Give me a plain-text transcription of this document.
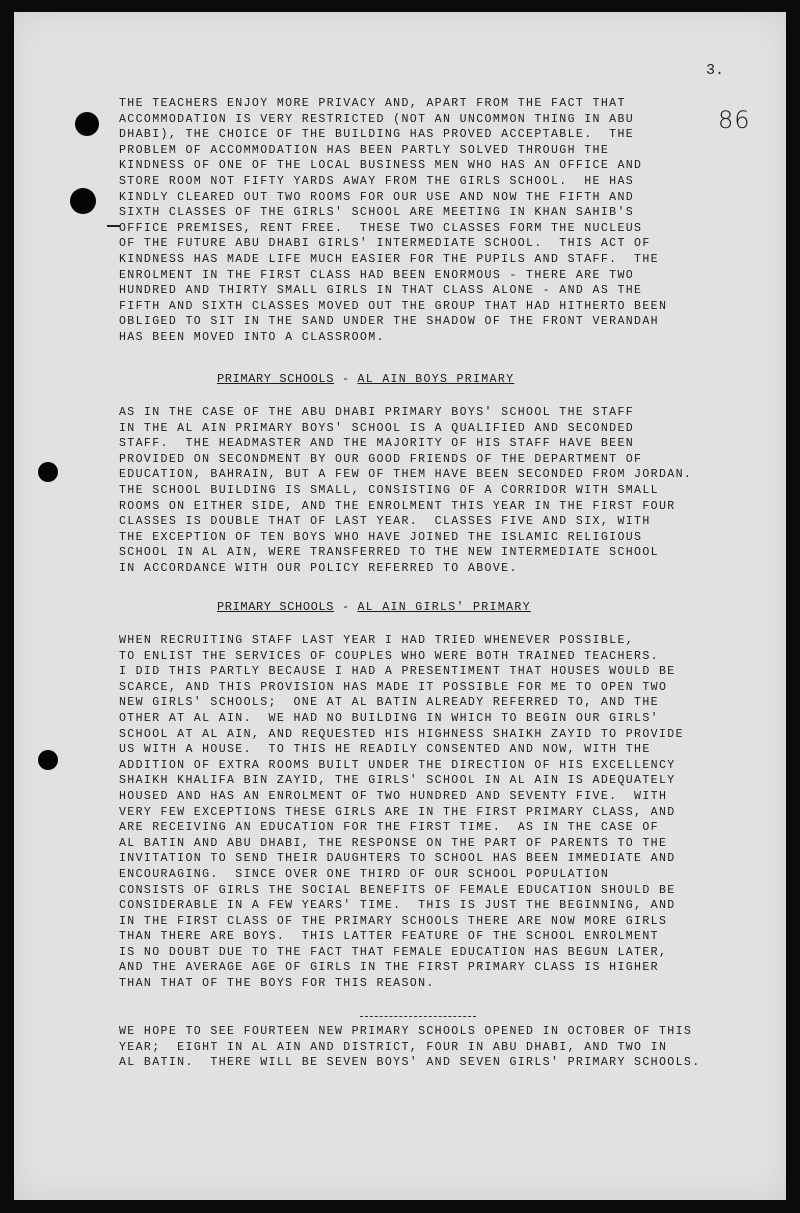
3.
86

THE TEACHERS ENJOY MORE PRIVACY AND, APART FROM THE FACT THAT
ACCOMMODATION IS VERY RESTRICTED (NOT AN UNCOMMON THING IN ABU
DHABI), THE CHOICE OF THE BUILDING HAS PROVED ACCEPTABLE.  THE
PROBLEM OF ACCOMMODATION HAS BEEN PARTLY SOLVED THROUGH THE
KINDNESS OF ONE OF THE LOCAL BUSINESS MEN WHO HAS AN OFFICE AND
STORE ROOM NOT FIFTY YARDS AWAY FROM THE GIRLS SCHOOL.  HE HAS
KINDLY CLEARED OUT TWO ROOMS FOR OUR USE AND NOW THE FIFTH AND
SIXTH CLASSES OF THE GIRLS' SCHOOL ARE MEETING IN KHAN SAHIB'S
OFFICE PREMISES, RENT FREE.  THESE TWO CLASSES FORM THE NUCLEUS
OF THE FUTURE ABU DHABI GIRLS' INTERMEDIATE SCHOOL.  THIS ACT OF
KINDNESS HAS MADE LIFE MUCH EASIER FOR THE PUPILS AND STAFF.  THE
ENROLMENT IN THE FIRST CLASS HAD BEEN ENORMOUS - THERE ARE TWO
HUNDRED AND THIRTY SMALL GIRLS IN THAT CLASS ALONE - AND AS THE
FIFTH AND SIXTH CLASSES MOVED OUT THE GROUP THAT HAD HITHERTO BEEN
OBLIGED TO SIT IN THE SAND UNDER THE SHADOW OF THE FRONT VERANDAH
HAS BEEN MOVED INTO A CLASSROOM.

PRIMARY SCHOOLS - AL AIN BOYS PRIMARY

AS IN THE CASE OF THE ABU DHABI PRIMARY BOYS' SCHOOL THE STAFF
IN THE AL AIN PRIMARY BOYS' SCHOOL IS A QUALIFIED AND SECONDED
STAFF.  THE HEADMASTER AND THE MAJORITY OF HIS STAFF HAVE BEEN
PROVIDED ON SECONDMENT BY OUR GOOD FRIENDS OF THE DEPARTMENT OF
EDUCATION, BAHRAIN, BUT A FEW OF THEM HAVE BEEN SECONDED FROM JORDAN.
THE SCHOOL BUILDING IS SMALL, CONSISTING OF A CORRIDOR WITH SMALL
ROOMS ON EITHER SIDE, AND THE ENROLMENT THIS YEAR IN THE FIRST FOUR
CLASSES IS DOUBLE THAT OF LAST YEAR.  CLASSES FIVE AND SIX, WITH
THE EXCEPTION OF TEN BOYS WHO HAVE JOINED THE ISLAMIC RELIGIOUS
SCHOOL IN AL AIN, WERE TRANSFERRED TO THE NEW INTERMEDIATE SCHOOL
IN ACCORDANCE WITH OUR POLICY REFERRED TO ABOVE.

PRIMARY SCHOOLS - AL AIN GIRLS' PRIMARY

WHEN RECRUITING STAFF LAST YEAR I HAD TRIED WHENEVER POSSIBLE,
TO ENLIST THE SERVICES OF COUPLES WHO WERE BOTH TRAINED TEACHERS.
I DID THIS PARTLY BECAUSE I HAD A PRESENTIMENT THAT HOUSES WOULD BE
SCARCE, AND THIS PROVISION HAS MADE IT POSSIBLE FOR ME TO OPEN TWO
NEW GIRLS' SCHOOLS;  ONE AT AL BATIN ALREADY REFERRED TO, AND THE
OTHER AT AL AIN.  WE HAD NO BUILDING IN WHICH TO BEGIN OUR GIRLS'
SCHOOL AT AL AIN, AND REQUESTED HIS HIGHNESS SHAIKH ZAYID TO PROVIDE
US WITH A HOUSE.  TO THIS HE READILY CONSENTED AND NOW, WITH THE
ADDITION OF EXTRA ROOMS BUILT UNDER THE DIRECTION OF HIS EXCELLENCY
SHAIKH KHALIFA BIN ZAYID, THE GIRLS' SCHOOL IN AL AIN IS ADEQUATELY
HOUSED AND HAS AN ENROLMENT OF TWO HUNDRED AND SEVENTY FIVE.  WITH
VERY FEW EXCEPTIONS THESE GIRLS ARE IN THE FIRST PRIMARY CLASS, AND
ARE RECEIVING AN EDUCATION FOR THE FIRST TIME.  AS IN THE CASE OF
AL BATIN AND ABU DHABI, THE RESPONSE ON THE PART OF PARENTS TO THE
INVITATION TO SEND THEIR DAUGHTERS TO SCHOOL HAS BEEN IMMEDIATE AND
ENCOURAGING.  SINCE OVER ONE THIRD OF OUR SCHOOL POPULATION
CONSISTS OF GIRLS THE SOCIAL BENEFITS OF FEMALE EDUCATION SHOULD BE
CONSIDERABLE IN A FEW YEARS' TIME.  THIS IS JUST THE BEGINNING, AND
IN THE FIRST CLASS OF THE PRIMARY SCHOOLS THERE ARE NOW MORE GIRLS
THAN THERE ARE BOYS.  THIS LATTER FEATURE OF THE SCHOOL ENROLMENT
IS NO DOUBT DUE TO THE FACT THAT FEMALE EDUCATION HAS BEGUN LATER,
AND THE AVERAGE AGE OF GIRLS IN THE FIRST PRIMARY CLASS IS HIGHER
THAN THAT OF THE BOYS FOR THIS REASON.

WE HOPE TO SEE FOURTEEN NEW PRIMARY SCHOOLS OPENED IN OCTOBER OF THIS
YEAR;  EIGHT IN AL AIN AND DISTRICT, FOUR IN ABU DHABI, AND TWO IN
AL BATIN.  THERE WILL BE SEVEN BOYS' AND SEVEN GIRLS' PRIMARY SCHOOLS.
